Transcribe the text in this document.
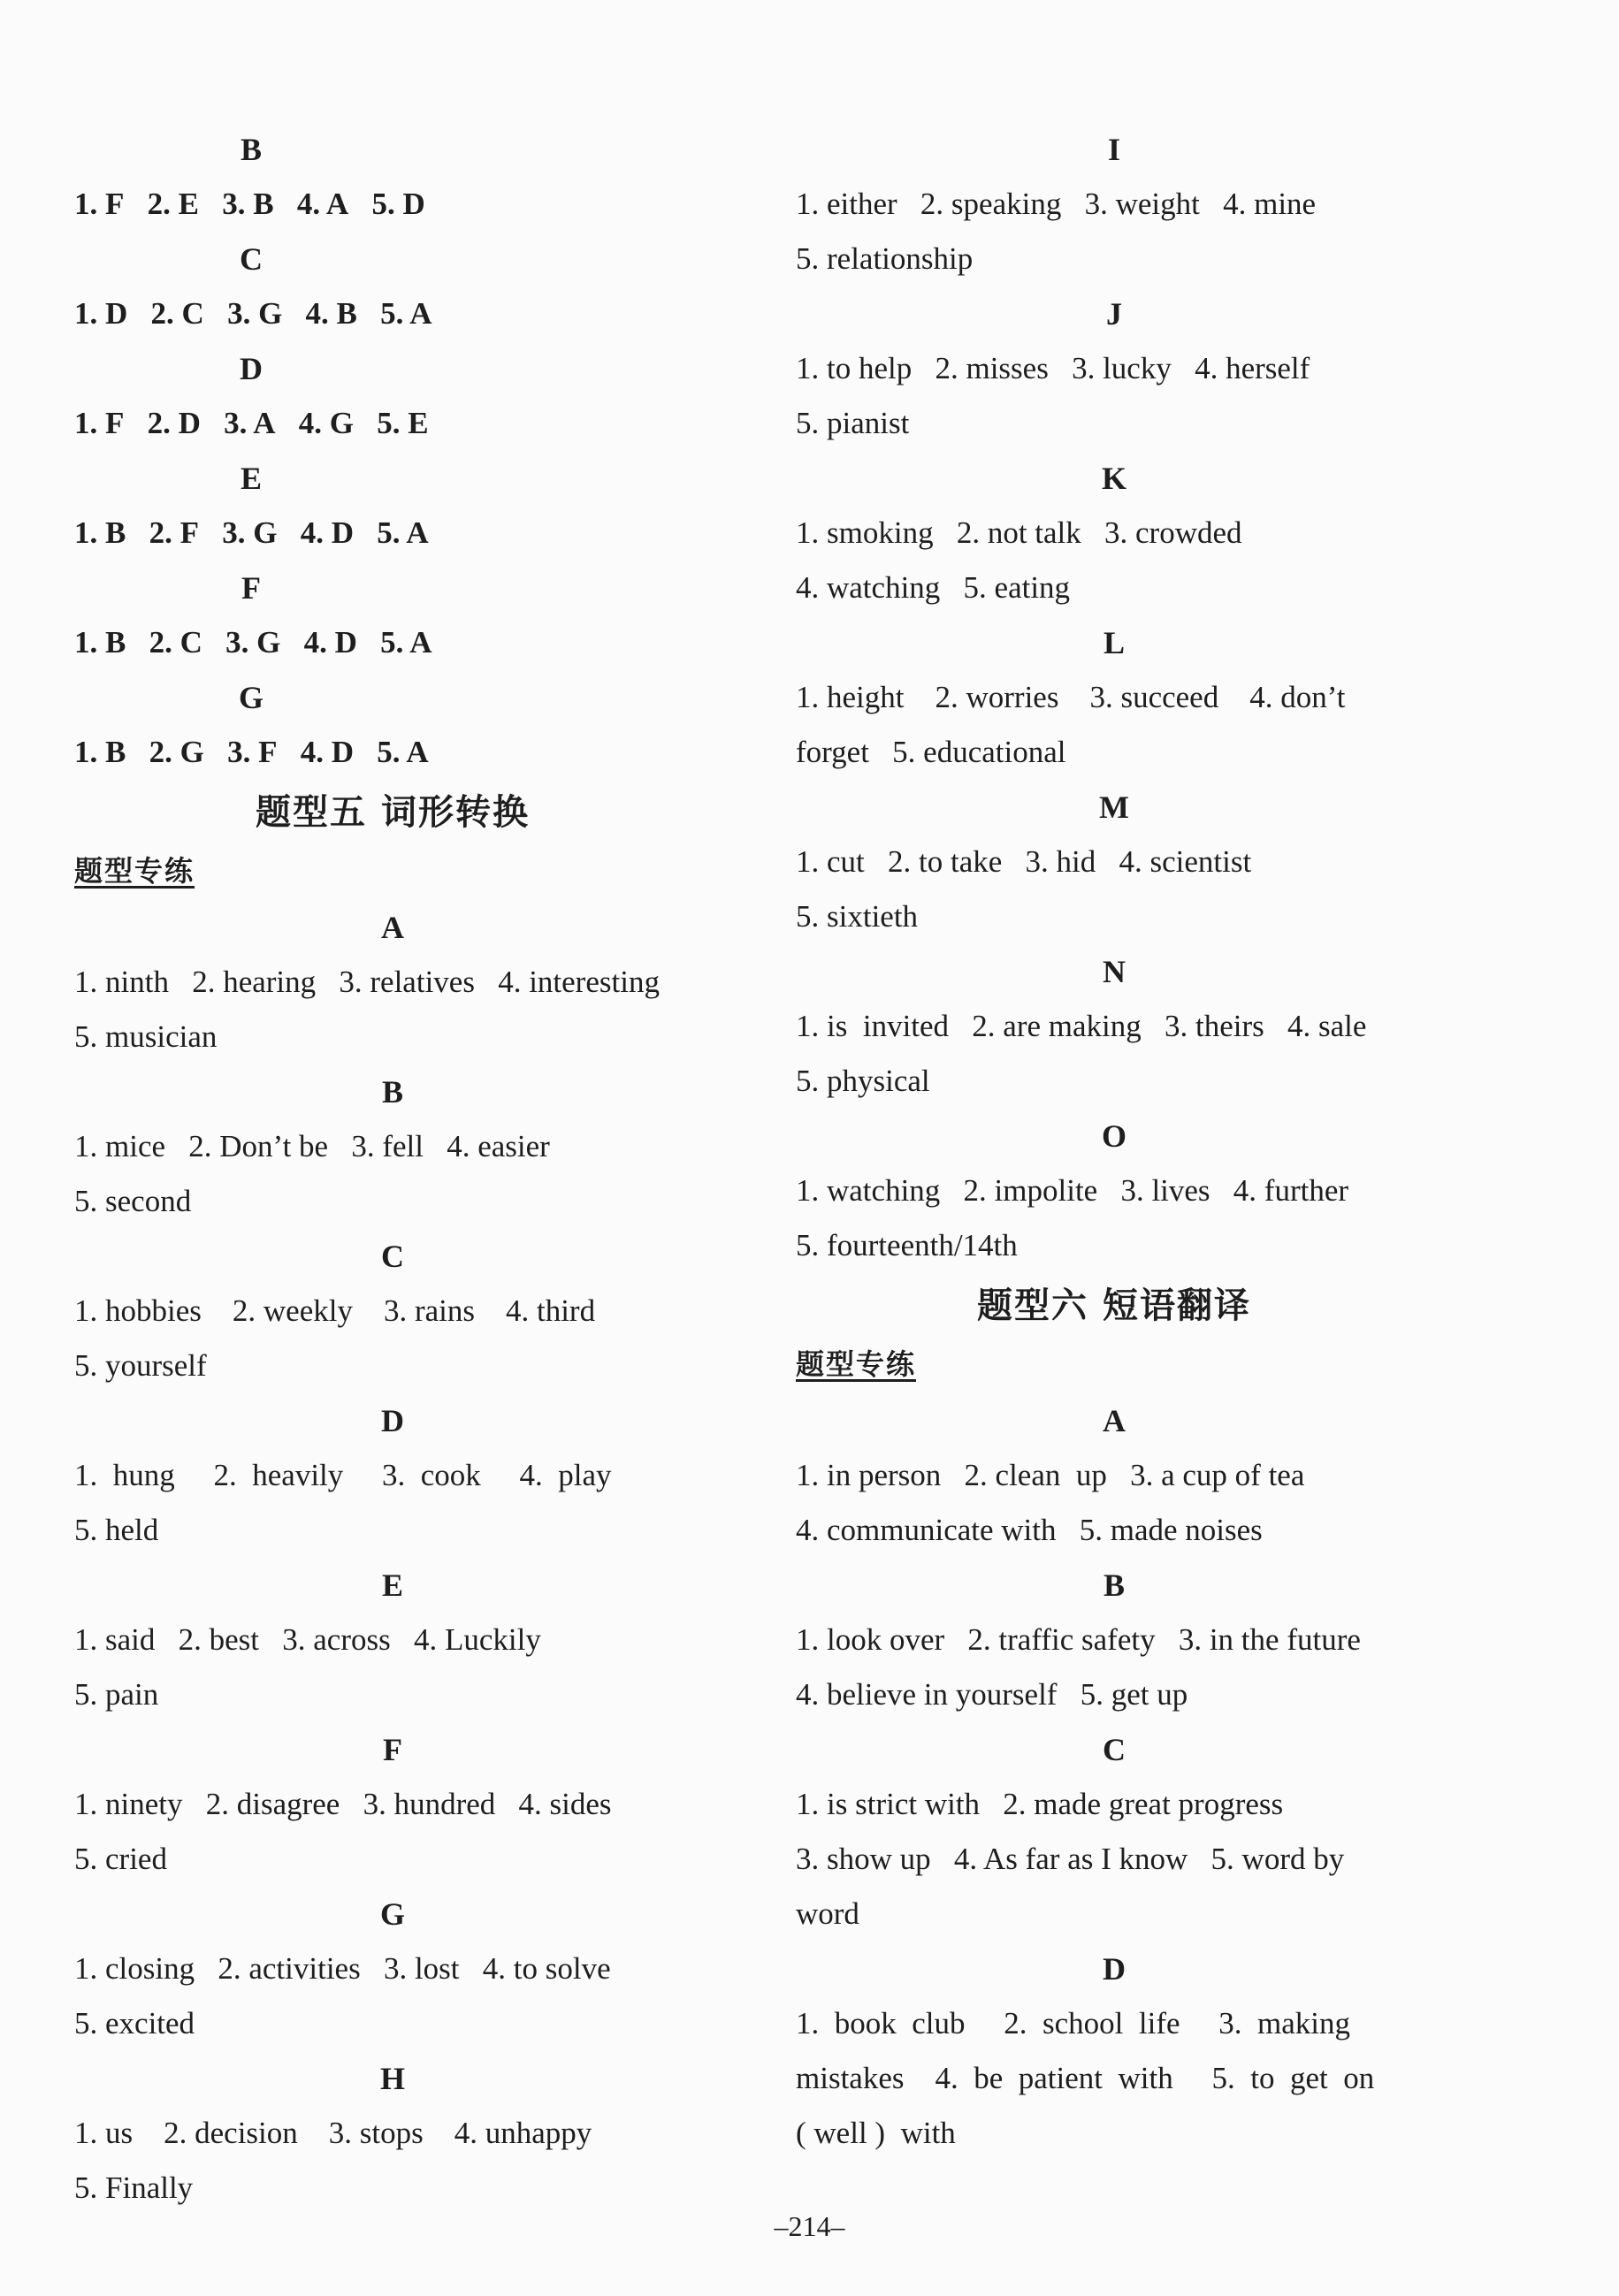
B
1. F 2. E 3. B 4. A 5. D
C
1. D 2. C 3. G 4. B 5. A
D
1. F 2. D 3. A 4. G 5. E
E
1. B 2. F 3. G 4. D 5. A
F
1. B 2. C 3. G 4. D 5. A
G
1. B 2. G 3. F 4. D 5. A
题型五 词形转换
题型专练
A
1. ninth   2. hearing   3. relatives   4. interesting
5. musician
B
1. mice   2. Don’t be   3. fell   4. easier
5. second
C
1. hobbies    2. weekly    3. rains    4. third
5. yourself
D
1.  hung     2.  heavily     3.  cook     4.  play
5. held
E
1. said   2. best   3. across   4. Luckily
5. pain
F
1. ninety   2. disagree   3. hundred   4. sides
5. cried
G
1. closing   2. activities   3. lost   4. to solve
5. excited
H
1. us    2. decision    3. stops    4. unhappy
5. Finally
I
1. either   2. speaking   3. weight   4. mine
5. relationship
J
1. to help   2. misses   3. lucky   4. herself
5. pianist
K
1. smoking   2. not talk   3. crowded
4. watching   5. eating
L
1. height    2. worries    3. succeed    4. don’t
forget   5. educational
M
1. cut   2. to take   3. hid   4. scientist
5. sixtieth
N
1. is  invited   2. are making   3. theirs   4. sale
5. physical
O
1. watching   2. impolite   3. lives   4. further
5. fourteenth/14th
题型六 短语翻译
题型专练
A
1. in person   2. clean  up   3. a cup of tea
4. communicate with   5. made noises
B
1. look over   2. traffic safety   3. in the future
4. believe in yourself   5. get up
C
1. is strict with   2. made great progress
3. show up   4. As far as I know   5. word by
word
D
1.  book  club     2.  school  life     3.  making
mistakes    4.  be  patient  with     5.  to  get  on
( well )  with
–214–
